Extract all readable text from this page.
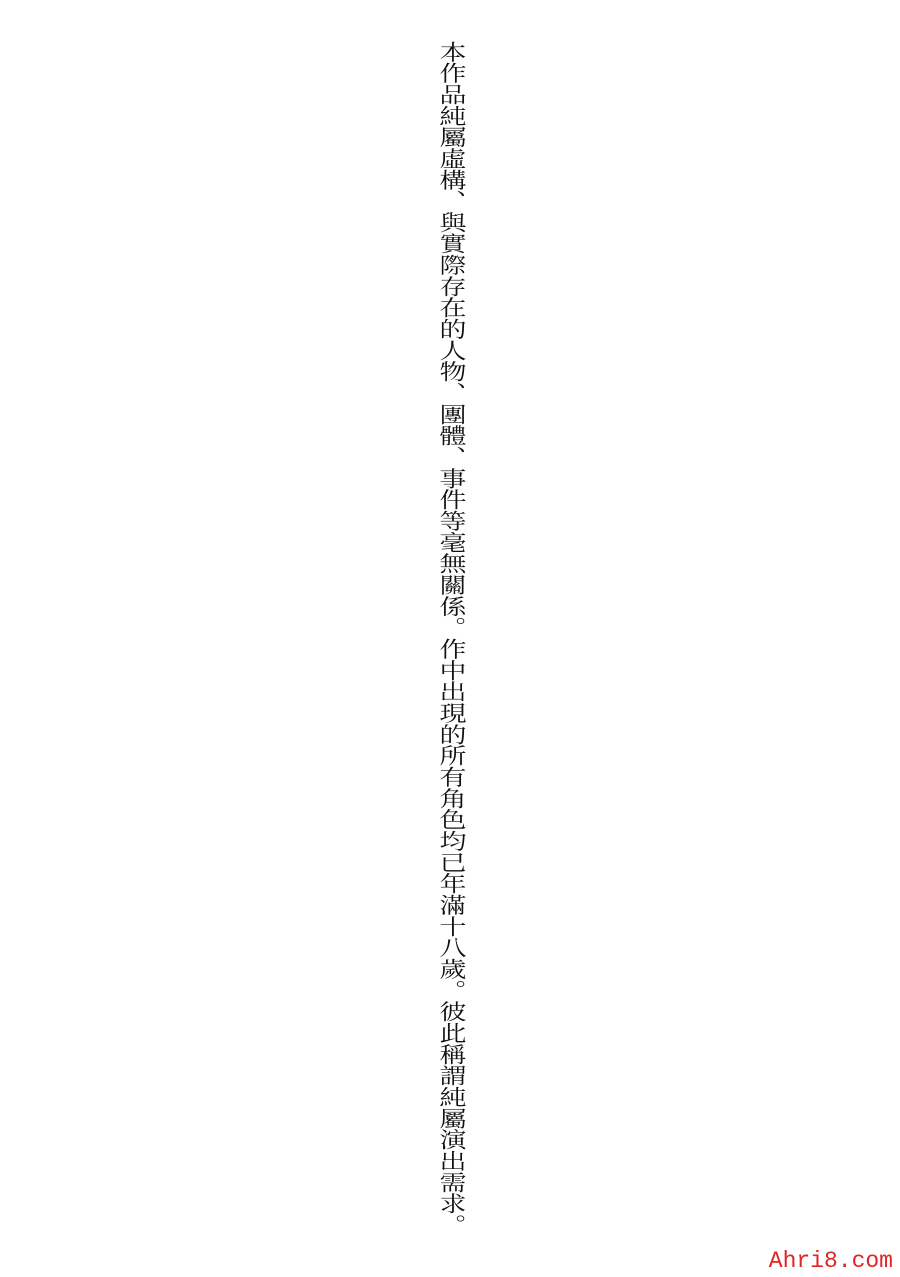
本作品純屬虛構、與實際存在的人物、團體、事件等毫無關係。作中出現的所有角色均已年滿十八歲。彼此稱謂純屬演出需求。
Ahri8.com
